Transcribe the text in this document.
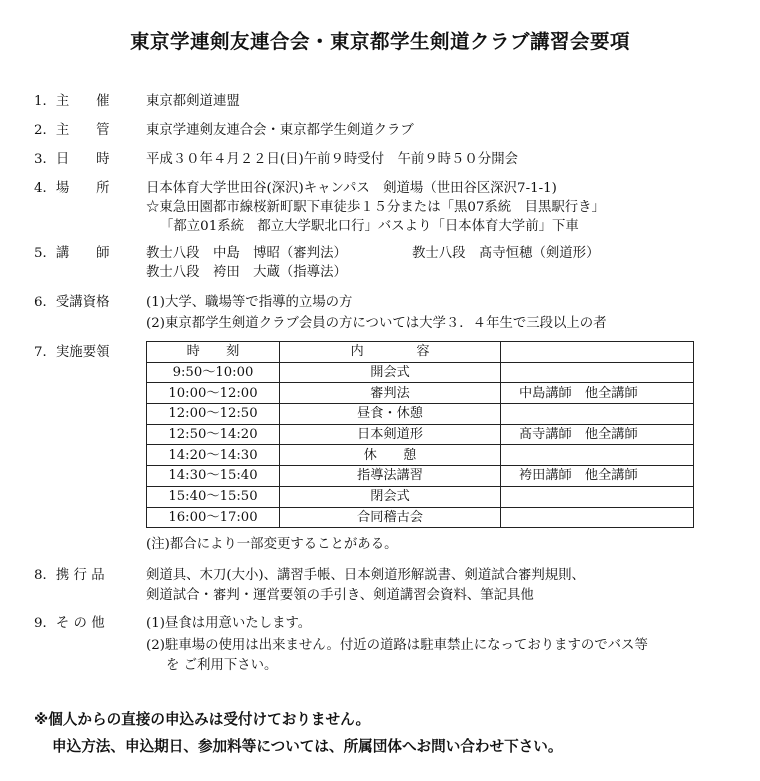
東京学連剣友連合会・東京都学生剣道クラブ講習会要項
1．主　　催	東京都剣道連盟
2．主　　管	東京学連剣友連合会・東京都学生剣道クラブ
3．日　　時	平成３０年４月２２日(日)午前９時受付　午前９時５０分開会
4．場　　所	日本体育大学世田谷(深沢)キャンパス　剣道場（世田谷区深沢7-1-1)
☆東急田園都市線桜新町駅下車徒歩１５分または「黒07系統　目黒駅行き」
「都立01系統　都立大学駅北口行」バスより「日本体育大学前」下車
5．講　　師	教士八段　中島　博昭（審判法）	教士八段　髙寺恒穂（剣道形）
教士八段　袴田　大蔵（指導法）
6．受講資格	(1)大学、職場等で指導的立場の方
(2)東京都学生剣道クラブ会員の方については大学３．４年生で三段以上の者
7．実施要領	時　　刻	内　　　　容	
9:50～10:00	開会式	
10:00～12:00	審判法	中島講師　他全講師
12:00～12:50	昼食・休憩	
12:50～14:20	日本剣道形	髙寺講師　他全講師
14:20～14:30	休　　憩	
14:30～15:40	指導法講習	袴田講師　他全講師
15:40～15:50	閉会式	
16:00～17:00	合同稽古会	
(注)都合により一部変更することがある。
8．携 行 品	剣道具、木刀(大小)、講習手帳、日本剣道形解説書、剣道試合審判規則、
剣道試合・審判・運営要領の手引き、剣道講習会資料、筆記具他
9．そ の 他	(1)昼食は用意いたします。
(2)駐車場の使用は出来ません。付近の道路は駐車禁止になっておりますのでバス等
を ご利用下さい。
※個人からの直接の申込みは受付けておりません。
申込方法、申込期日、参加料等については、所属団体へお問い合わせ下さい。
